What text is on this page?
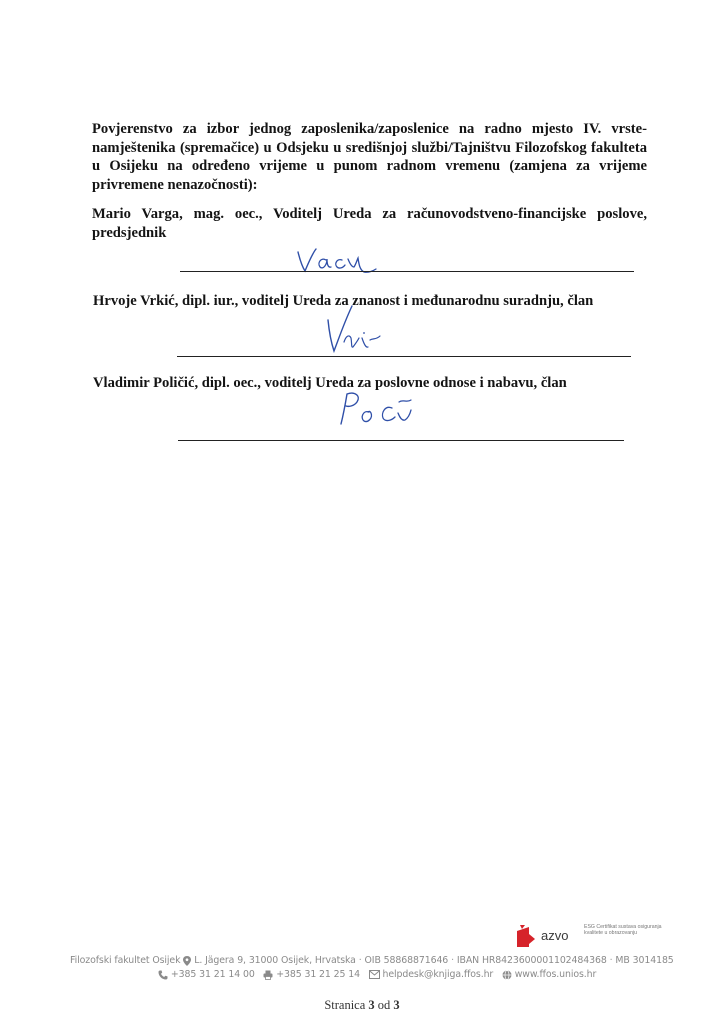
Povjerenstvo za izbor jednog zaposlenika/zaposlenice na radno mjesto IV. vrste- namještenika (spremačice) u Odsjeku u središnjoj službi/Tajništvu Filozofskog fakulteta u Osijeku na određeno vrijeme u punom radnom vremenu (zamjena za vrijeme privremene nenazočnosti):

Mario Varga, mag. oec., Voditelj Ureda za računovodstveno-financijske poslove, predsjednik

Hrvoje Vrkić, dipl. iur., voditelj Ureda za znanost i međunarodnu suradnju, član

Vladimir Poličić, dipl. oec., voditelj Ureda za poslovne odnose i nabavu, član

azvo
ESG Certifikat sustava osiguranja kvalitete u obrazovanju
Filozofski fakultet Osijek L. Jägera 9, 31000 Osijek, Hrvatska · OIB 58868871646 · IBAN HR8423600001102484368 · MB 3014185
+385 31 21 14 00 +385 31 21 25 14 helpdesk@knjiga.ffos.hr www.ffos.unios.hr
Stranica 3 od 3
